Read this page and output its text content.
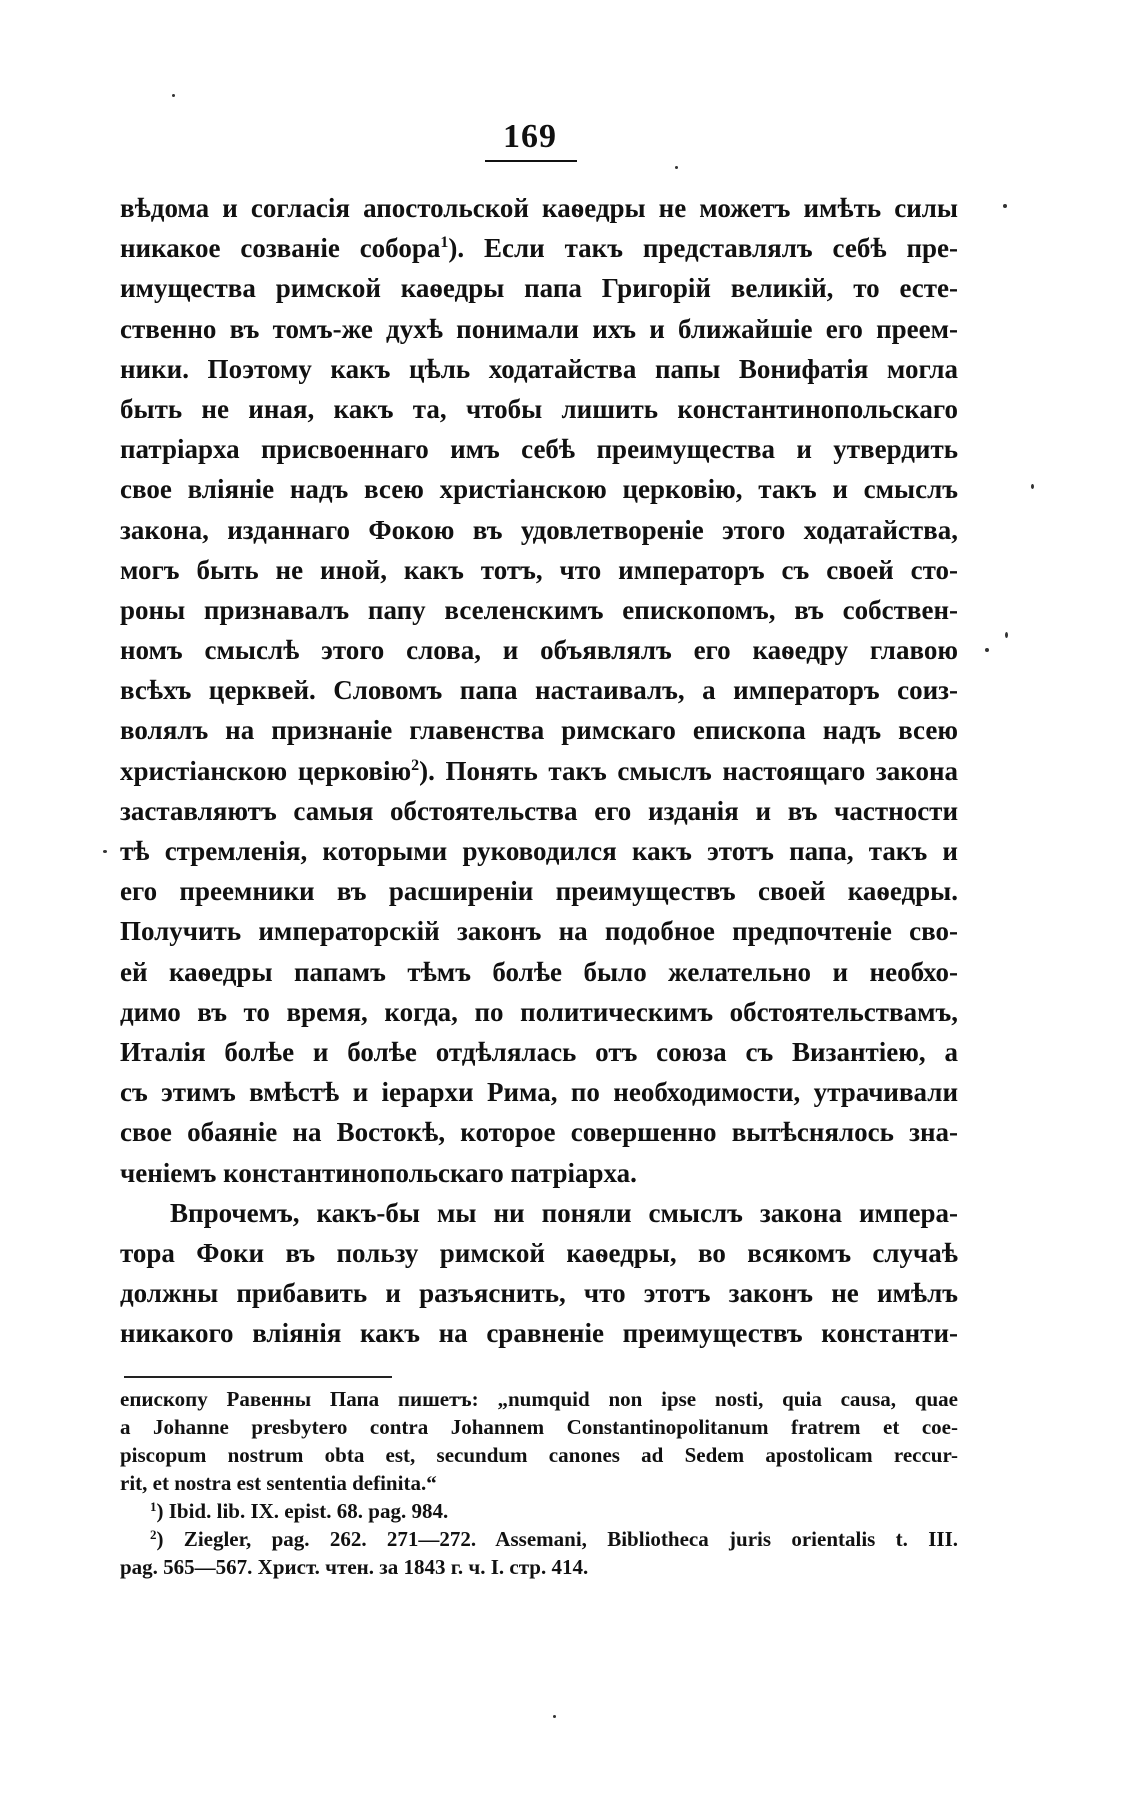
169
вѣдома и согласія апостольской каѳедры не можетъ имѣть силы
никакое созваніе собора$^1$). Если такъ представлялъ себѣ пре-
имущества римской каѳедры папа Григорій великій, то есте-
ственно въ томъ-же духѣ понимали ихъ и ближайшіе его преем-
ники. Поэтому какъ цѣль ходатайства папы Вонифатія могла
быть не иная, какъ та, чтобы лишить константинопольскаго
патріарха присвоеннаго имъ себѣ преимущества и утвердить
свое вліяніе надъ всею христіанскою церковію, такъ и смыслъ
закона, изданнаго Фокою въ удовлетвореніе этого ходатайства,
могъ быть не иной, какъ тотъ, что императоръ съ своей сто-
роны признавалъ папу вселенскимъ епископомъ, въ собствен-
номъ смыслѣ этого слова, и объявлялъ его каѳедру главою
всѣхъ церквей. Словомъ папа настаивалъ, а императоръ соиз-
волялъ на признаніе главенства римскаго епископа надъ всею
христіанскою церковію$^2$). Понять такъ смыслъ настоящаго закона
заставляютъ самыя обстоятельства его изданія и въ частности
тѣ стремленія, которыми руководился какъ этотъ папа, такъ и
его преемники въ расширеніи преимуществъ своей каѳедры.
Получить императорскій законъ на подобное предпочтеніе сво-
ей каѳедры папамъ тѣмъ болѣе было желательно и необхо-
димо въ то время, когда, по политическимъ обстоятельствамъ,
Италія болѣе и болѣе отдѣлялась отъ союза съ Византіею, а
съ этимъ вмѣстѣ и іерархи Рима, по необходимости, утрачивали
свое обаяніе на Востокѣ, которое совершенно вытѣснялось зна-
ченіемъ константинопольскаго патріарха.
Впрочемъ, какъ-бы мы ни поняли смыслъ закона импера-
тора Фоки въ пользу римской каѳедры, во всякомъ случаѣ
должны прибавить и разъяснить, что этотъ законъ не имѣлъ
никакого вліянія какъ на сравненіе преимуществъ константи-
епископу Равенны Папа пишетъ: „numquid non ipse nosti, quia causa, quae
a Johanne presbytero contra Johannem Constantinopolitanum fratrem et coe-
piscopum nostrum obta est, secundum canones ad Sedem apostolicam reccur-
rit, et nostra est sententia definita.“
$^1$) Ibid. lib. IX. epist. 68. pag. 984.
$^2$) Ziegler, pag. 262. 271—272. Assemani, Bibliotheca juris orientalis t. III.
pag. 565—567. Христ. чтен. за 1843 г. ч. I. стр. 414.
